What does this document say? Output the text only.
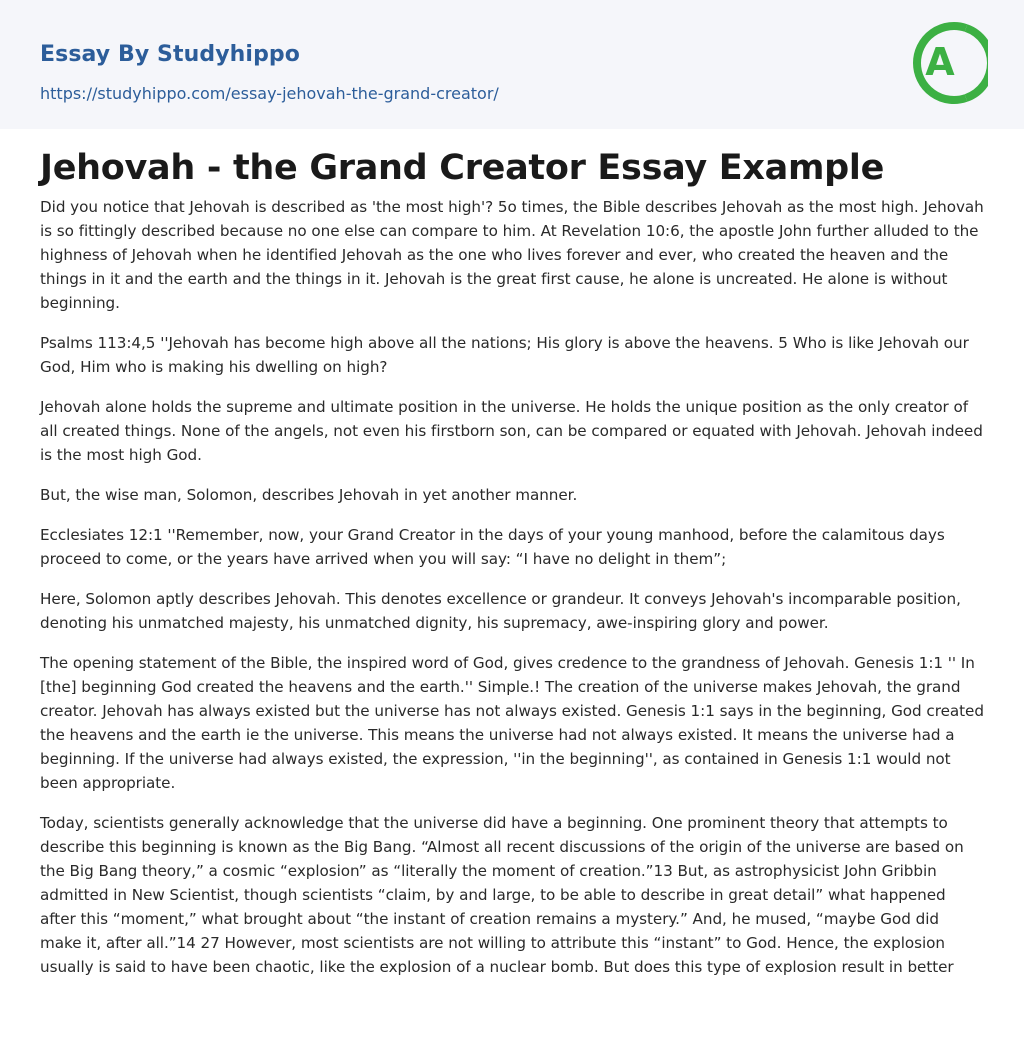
Essay By Studyhippo
https://studyhippo.com/essay-jehovah-the-grand-creator/
A
Jehovah - the Grand Creator Essay Example

Did you notice that Jehovah is described as 'the most high'? 5o times, the Bible describes Jehovah as the most high. Jehovah is so fittingly described because no one else can compare to him. At Revelation 10:6, the apostle John further alluded to the highness of Jehovah when he identified Jehovah as the one who lives forever and ever, who created the heaven and the things in it and the earth and the things in it. Jehovah is the great first cause, he alone is uncreated. He alone is without beginning.

Psalms 113:4,5 ''Jehovah has become high above all the nations; His glory is above the heavens. 5 Who is like Jehovah our God, Him who is making his dwelling on high?

Jehovah alone holds the supreme and ultimate position in the universe. He holds the unique position as the only creator of all created things. None of the angels, not even his firstborn son, can be compared or equated with Jehovah. Jehovah indeed is the most high God.

But, the wise man, Solomon, describes Jehovah in yet another manner.

Ecclesiates 12:1 ''Remember, now, your Grand Creator in the days of your young manhood, before the calamitous days proceed to come, or the years have arrived when you will say: “I have no delight in them”;

Here, Solomon aptly describes Jehovah. This denotes excellence or grandeur. It conveys Jehovah's incomparable position, denoting his unmatched majesty, his unmatched dignity, his supremacy, awe-inspiring glory and power.

The opening statement of the Bible, the inspired word of God, gives credence to the grandness of Jehovah. Genesis 1:1 '' In [the] beginning God created the heavens and the earth.'' Simple.! The creation of the universe makes Jehovah, the grand creator. Jehovah has always existed but the universe has not always existed. Genesis 1:1 says in the beginning, God created the heavens and the earth ie the universe. This means the universe had not always existed. It means the universe had a beginning. If the universe had always existed, the expression, ''in the beginning'', as contained in Genesis 1:1 would not been appropriate.

Today, scientists generally acknowledge that the universe did have a beginning. One prominent theory that attempts to describe this beginning is known as the Big Bang. “Almost all recent discussions of the origin of the universe are based on the Big Bang theory,” a cosmic “explosion” as “literally the moment of creation.”13 But, as astrophysicist John Gribbin admitted in New Scientist, though scientists “claim, by and large, to be able to describe in great detail” what happened after this “moment,” what brought about “the instant of creation remains a mystery.” And, he mused, “maybe God did make it, after all.”14 27 However, most scientists are not willing to attribute this “instant” to God. Hence, the explosion usually is said to have been chaotic, like the explosion of a nuclear bomb. But does this type of explosion result in better
